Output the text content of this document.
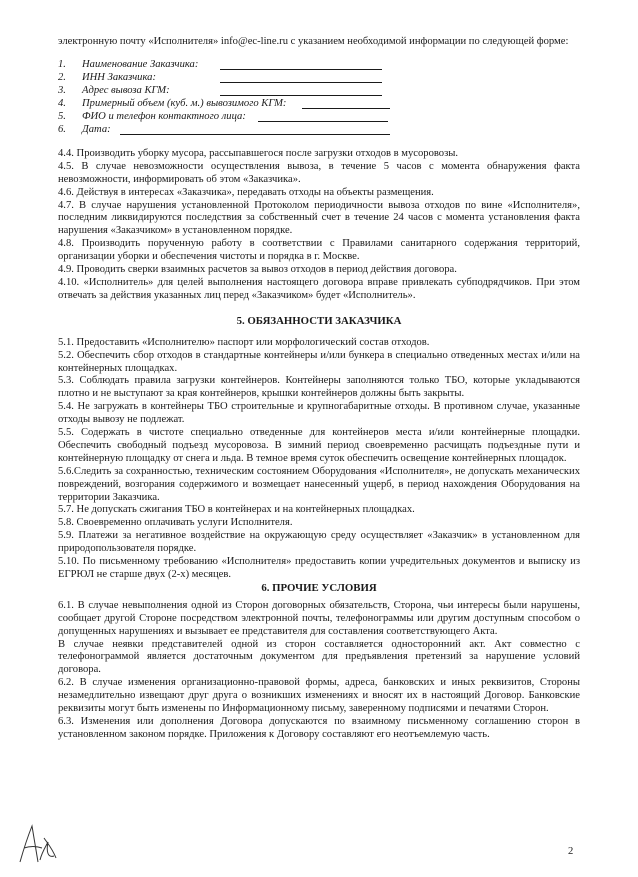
электронную почту «Исполнителя» info@ec-line.ru с указанием необходимой информации по следующей форме:

1. Наименование Заказчика:
2. ИНН Заказчика:
3. Адрес вывоза КГМ:
4. Примерный объем (куб. м.) вывозимого КГМ:
5. ФИО и телефон контактного лица:
6. Дата:

4.4. Производить уборку мусора, рассыпавшегося после загрузки отходов в мусоровозы.

4.5. В случае невозможности осуществления вывоза, в течение 5 часов с момента обнаружения факта невозможности, информировать об этом «Заказчика».

4.6. Действуя в интересах «Заказчика», передавать отходы на объекты размещения.

4.7. В случае нарушения установленной Протоколом периодичности вывоза отходов по вине «Исполнителя», последним ликвидируются последствия за собственный счет в течение 24 часов с момента установления факта нарушения «Заказчиком» в установленном порядке.

4.8. Производить порученную работу в соответствии с Правилами санитарного содержания территорий, организации уборки и обеспечения чистоты и порядка в г. Москве.

4.9. Проводить сверки взаимных расчетов за вывоз отходов в период действия договора.

4.10. «Исполнитель» для целей выполнения настоящего договора вправе привлекать субподрядчиков. При этом отвечать за действия указанных лиц перед «Заказчиком» будет «Исполнитель».

5. ОБЯЗАННОСТИ ЗАКАЗЧИКА

5.1. Предоставить «Исполнителю» паспорт или морфологический состав отходов.

5.2. Обеспечить сбор отходов в стандартные контейнеры и/или бункера в специально отведенных местах и/или на контейнерных площадках.

5.3. Соблюдать правила загрузки контейнеров. Контейнеры заполняются только ТБО, которые укладываются плотно и не выступают за края контейнеров, крышки контейнеров должны быть закрыты.

5.4. Не загружать в контейнеры ТБО строительные и крупногабаритные отходы. В противном случае, указанные отходы вывозу не подлежат.

5.5. Содержать в чистоте специально отведенные для контейнеров места и/или контейнерные площадки. Обеспечить свободный подъезд мусоровоза. В зимний период своевременно расчищать подъездные пути и контейнерную площадку от снега и льда. В темное время суток обеспечить освещение контейнерных площадок.

5.6.Следить за сохранностью, техническим состоянием Оборудования «Исполнителя», не допускать механических повреждений, возгорания содержимого и возмещает нанесенный ущерб, в период нахождения Оборудования на территории Заказчика.

5.7. Не допускать сжигания ТБО в контейнерах и на контейнерных площадках.

5.8. Своевременно оплачивать услуги Исполнителя.

5.9. Платежи за негативное воздействие на окружающую среду осуществляет «Заказчик» в установленном для природопользователя порядке.

5.10. По письменному требованию «Исполнителя» предоставить копии учредительных документов и выписку из ЕГРЮЛ не старше двух (2-х) месяцев.

6. ПРОЧИЕ УСЛОВИЯ

6.1. В случае невыполнения одной из Сторон договорных обязательств, Сторона, чьи интересы были нарушены, сообщает другой Стороне посредством электронной почты, телефонограммы или другим доступным способом о допущенных нарушениях и вызывает ее представителя для составления соответствующего Акта.

В случае неявки представителей одной из сторон составляется односторонний акт. Акт совместно с телефонограммой является достаточным документом для предъявления претензий за нарушение условий договора.

6.2. В случае изменения организационно-правовой формы, адреса, банковских и иных реквизитов, Стороны незамедлительно извещают друг друга о возникших изменениях и вносят их в настоящий Договор. Банковские реквизиты могут быть изменены по Информационному письму, заверенному подписями и печатями Сторон.

6.3. Изменения или дополнения Договора допускаются по взаимному письменному соглашению сторон в установленном законом порядке. Приложения к Договору составляют его неотъемлемую часть.

2
